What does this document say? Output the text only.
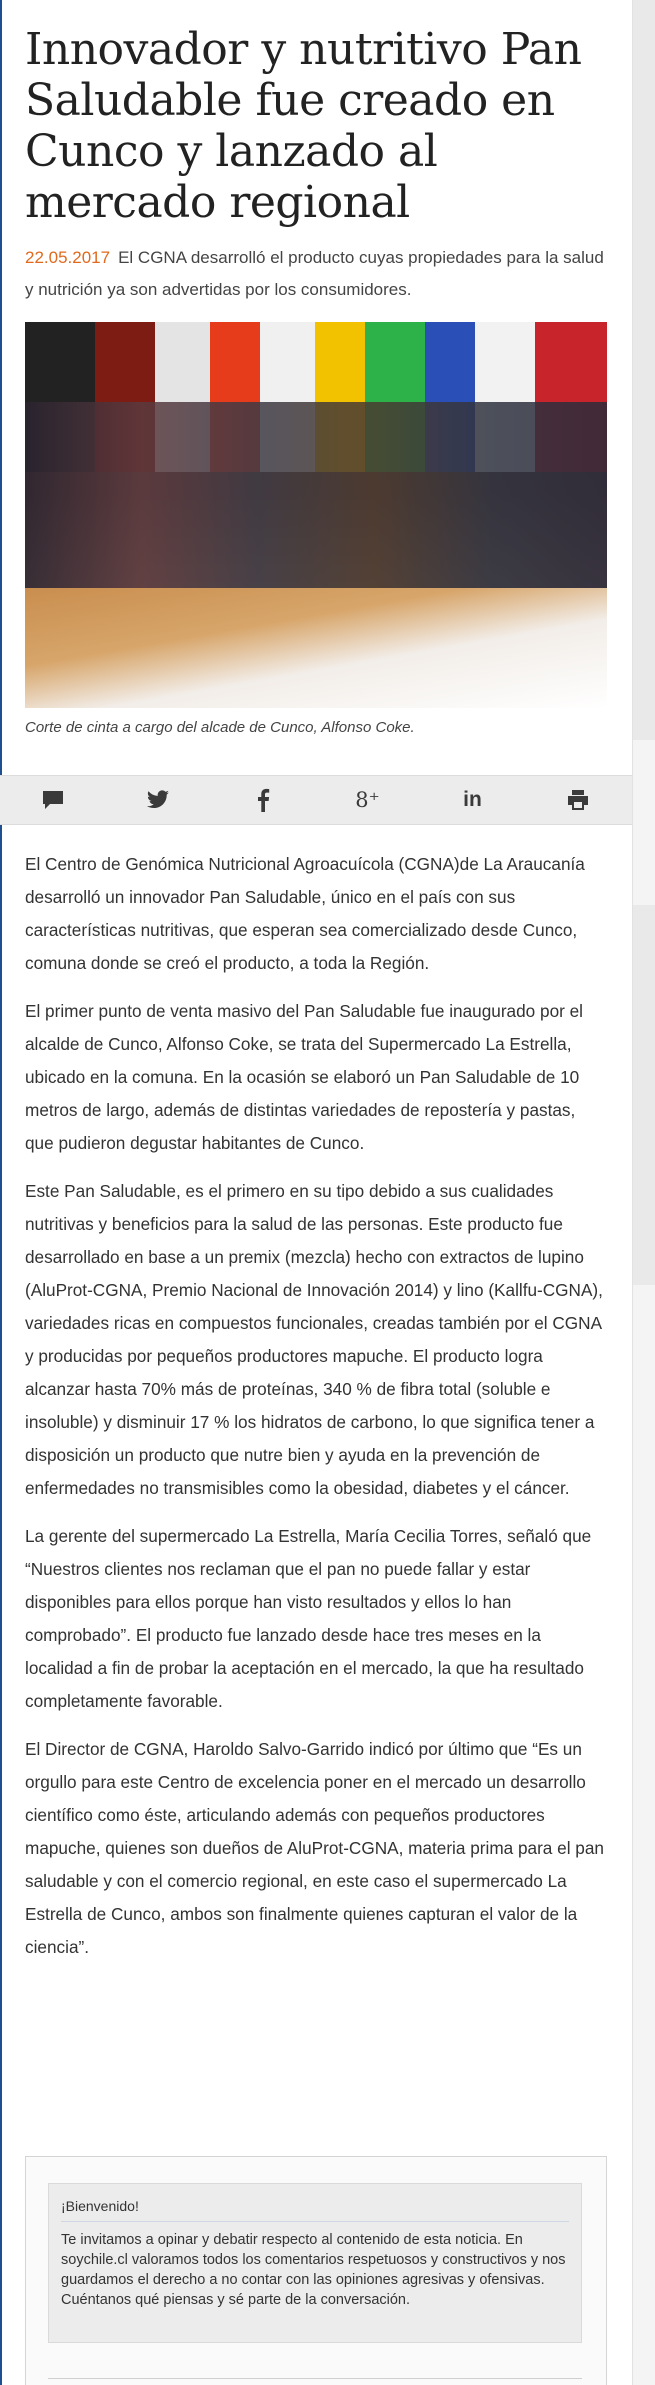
Innovador y nutritivo Pan Saludable fue creado en Cunco y lanzado al mercado regional

22.05.2017 El CGNA desarrolló el producto cuyas propiedades para la salud y nutrición ya son advertidas por los consumidores.

Corte de cinta a cargo del alcade de Cunco, Alfonso Coke.

8⁺	in

El Centro de Genómica Nutricional Agroacuícola (CGNA)de La Araucanía desarrolló un innovador Pan Saludable, único en el país con sus características nutritivas, que esperan sea comercializado desde Cunco, comuna donde se creó el producto, a toda la Región.

El primer punto de venta masivo del Pan Saludable fue inaugurado por el alcalde de Cunco, Alfonso Coke, se trata del Supermercado La Estrella, ubicado en la comuna. En la ocasión se elaboró un Pan Saludable de 10 metros de largo, además de distintas variedades de repostería y pastas, que pudieron degustar habitantes de Cunco.

Este Pan Saludable, es el primero en su tipo debido a sus cualidades nutritivas y beneficios para la salud de las personas. Este producto fue desarrollado en base a un premix (mezcla) hecho con extractos de lupino (AluProt-CGNA, Premio Nacional de Innovación 2014) y lino (Kallfu-CGNA), variedades ricas en compuestos funcionales, creadas también por el CGNA y producidas por pequeños productores mapuche. El producto logra alcanzar hasta 70% más de proteínas, 340 % de fibra total (soluble e insoluble) y disminuir 17 % los hidratos de carbono, lo que significa tener a disposición un producto que nutre bien y ayuda en la prevención de enfermedades no transmisibles como la obesidad, diabetes y el cáncer.

La gerente del supermercado La Estrella, María Cecilia Torres, señaló que “Nuestros clientes nos reclaman que el pan no puede fallar y estar disponibles para ellos porque han visto resultados y ellos lo han comprobado”. El producto fue lanzado desde hace tres meses en la localidad a fin de probar la aceptación en el mercado, la que ha resultado completamente favorable.

El Director de CGNA, Haroldo Salvo-Garrido indicó por último que “Es un orgullo para este Centro de excelencia poner en el mercado un desarrollo científico como éste, articulando además con pequeños productores mapuche, quienes son dueños de AluProt-CGNA, materia prima para el pan saludable y con el comercio regional, en este caso el supermercado La Estrella de Cunco, ambos son finalmente quienes capturan el valor de la ciencia”.

¡Bienvenido!

Te invitamos a opinar y debatir respecto al contenido de esta noticia. En soychile.cl valoramos todos los comentarios respetuosos y constructivos y nos guardamos el derecho a no contar con las opiniones agresivas y ofensivas. Cuéntanos qué piensas y sé parte de la conversación.
